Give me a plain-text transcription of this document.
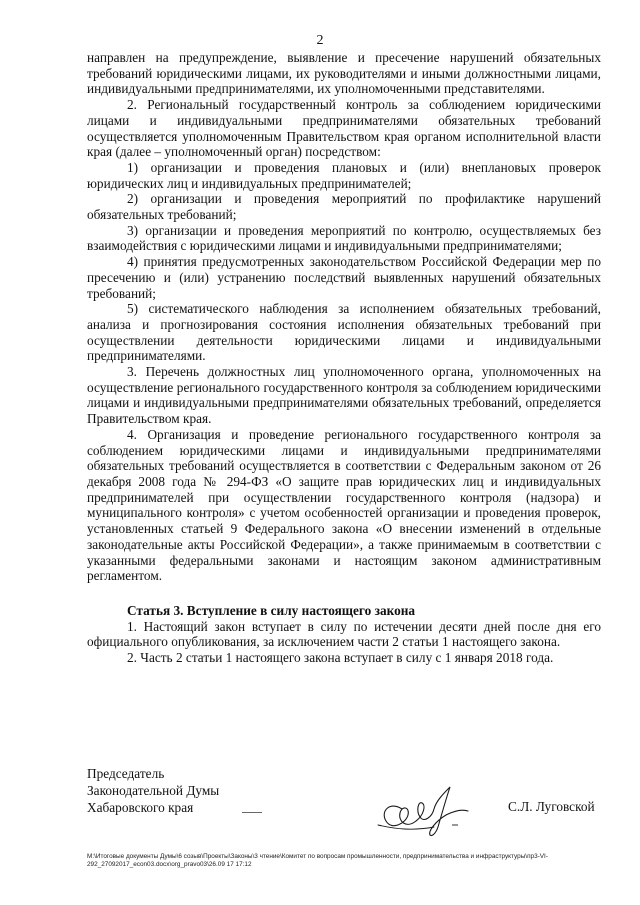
2

направлен на предупреждение, выявление и пресечение нарушений обязательных требований юридическими лицами, их руководителями и иными должностными лицами, индивидуальными предпринимателями, их уполномоченными представителями.

2. Региональный государственный контроль за соблюдением юридическими лицами и индивидуальными предпринимателями обязательных требований осуществляется уполномоченным Правительством края органом исполнительной власти края (далее – уполномоченный орган) посредством:

1) организации и проведения плановых и (или) внеплановых проверок юридических лиц и индивидуальных предпринимателей;

2) организации и проведения мероприятий по профилактике нарушений обязательных требований;

3) организации и проведения мероприятий по контролю, осуществляемых без взаимодействия с юридическими лицами и индивидуальными предпринимателями;

4) принятия предусмотренных законодательством Российской Федерации мер по пресечению и (или) устранению последствий выявленных нарушений обязательных требований;

5) систематического наблюдения за исполнением обязательных требований, анализа и прогнозирования состояния исполнения обязательных требований при осуществлении деятельности юридическими лицами и индивидуальными предпринимателями.

3. Перечень должностных лиц уполномоченного органа, уполномоченных на осуществление регионального государственного контроля за соблюдением юридическими лицами и индивидуальными предпринимателями обязательных требований, определяется Правительством края.

4. Организация и проведение регионального государственного контроля за соблюдением юридическими лицами и индивидуальными предпринимателями обязательных требований осуществляется в соответствии с Федеральным законом от 26 декабря 2008 года № 294-ФЗ «О защите прав юридических лиц и индивидуальных предпринимателей при осуществлении государственного контроля (надзора) и муниципального контроля» с учетом особенностей организации и проведения проверок, установленных статьей 9 Федерального закона «О внесении изменений в отдельные законодательные акты Российской Федерации», а также принимаемым в соответствии с указанными федеральными законами и настоящим законом административным регламентом.

Статья 3. Вступление в силу настоящего закона

1. Настоящий закон вступает в силу по истечении десяти дней после дня его официального опубликования, за исключением части 2 статьи 1 настоящего закона.

2. Часть 2 статьи 1 настоящего закона вступает в силу с 1 января 2018 года.

Председатель
Законодательной Думы
Хабаровского края	С.Л. Луговской
М:\Итоговые документы Думы\6 созыв\Проекты\Законы\3 чтение\Комитет по вопросам промышленности, предпринимательства и инфраструктуры\пр3-VI-292_27092017_econ03.docx\org_pravo03\26.09 17 17:12
